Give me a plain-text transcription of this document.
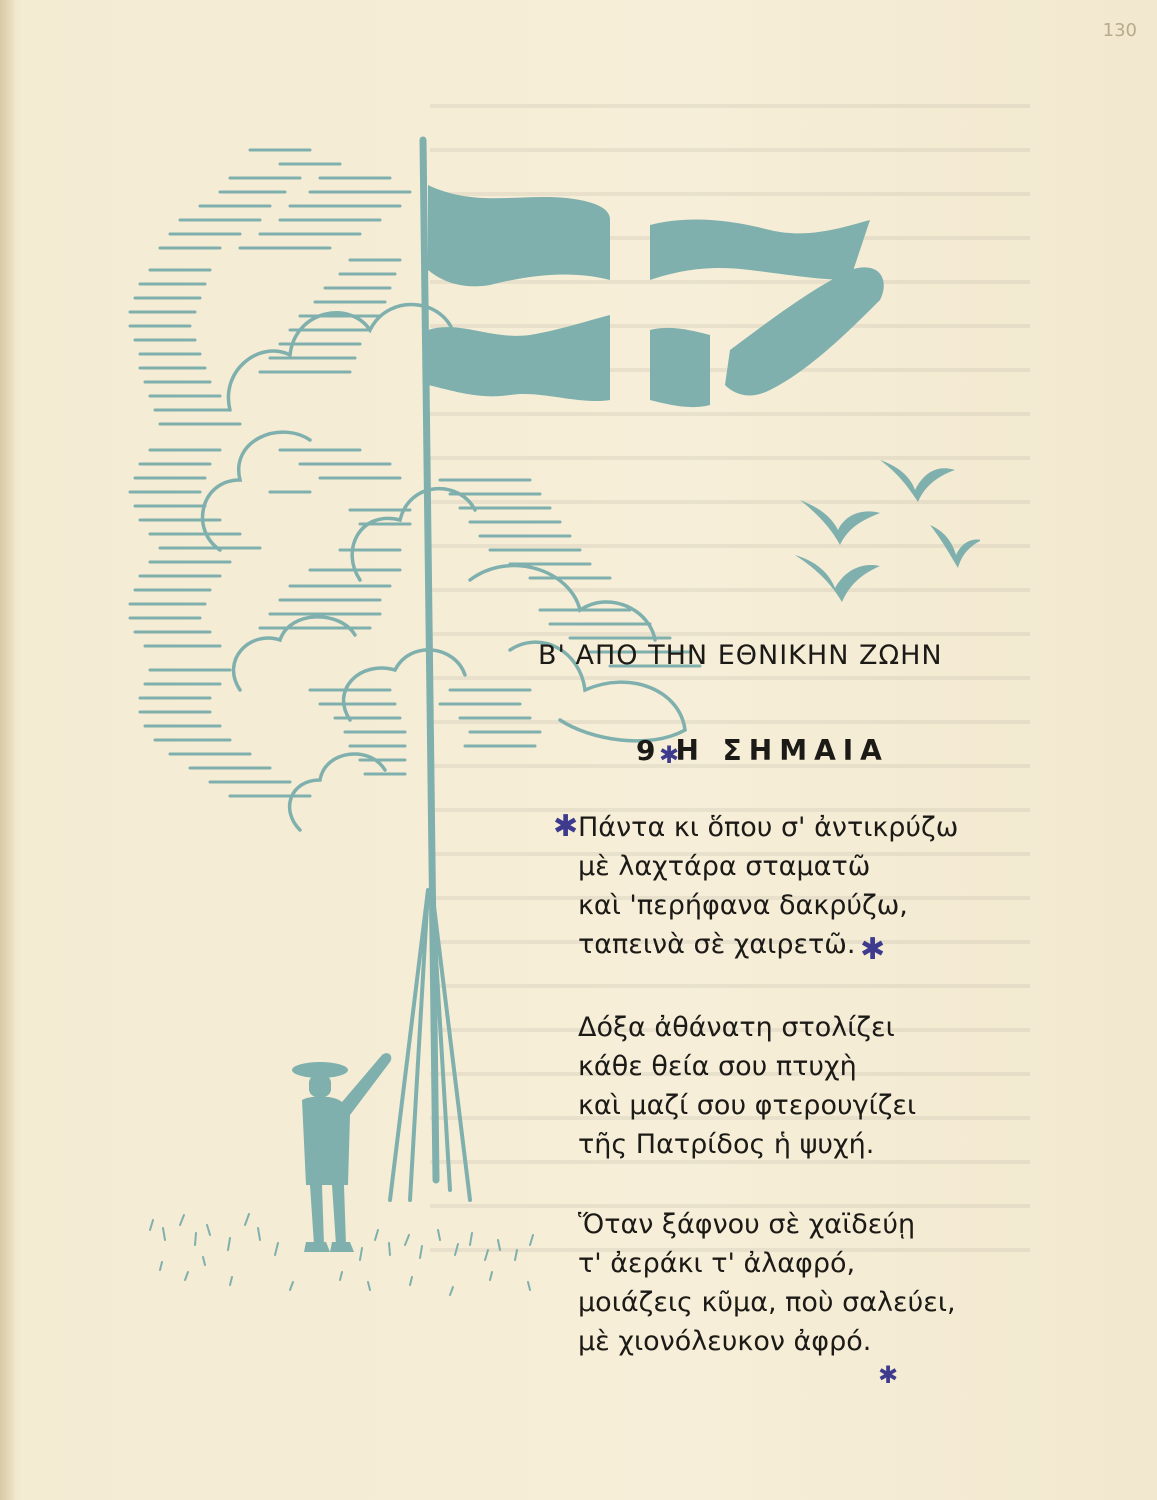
130
Β' ΑΠΟ ΤΗΝ ΕΘΝΙΚΗΝ ΖΩΗΝ
9 Η ΣΗΜΑΙΑ
Πάντα κι ὅπου σ' ἀντικρύζω
μὲ λαχτάρα σταματῶ
καὶ 'περήφανα δακρύζω,
ταπεινὰ σὲ χαιρετῶ.
Δόξα ἀθάνατη στολίζει
κάθε θεία σου πτυχὴ
καὶ μαζί σου φτερουγίζει
τῆς Πατρίδος ἡ ψυχή.
Ὅταν ξάφνου σὲ χαϊδεύῃ
τ' ἀεράκι τ' ἀλαφρό,
μοιάζεις κῦμα, ποὺ σαλεύει,
μὲ χιονόλευκον ἀφρό.
✱
✱
✱
✱
